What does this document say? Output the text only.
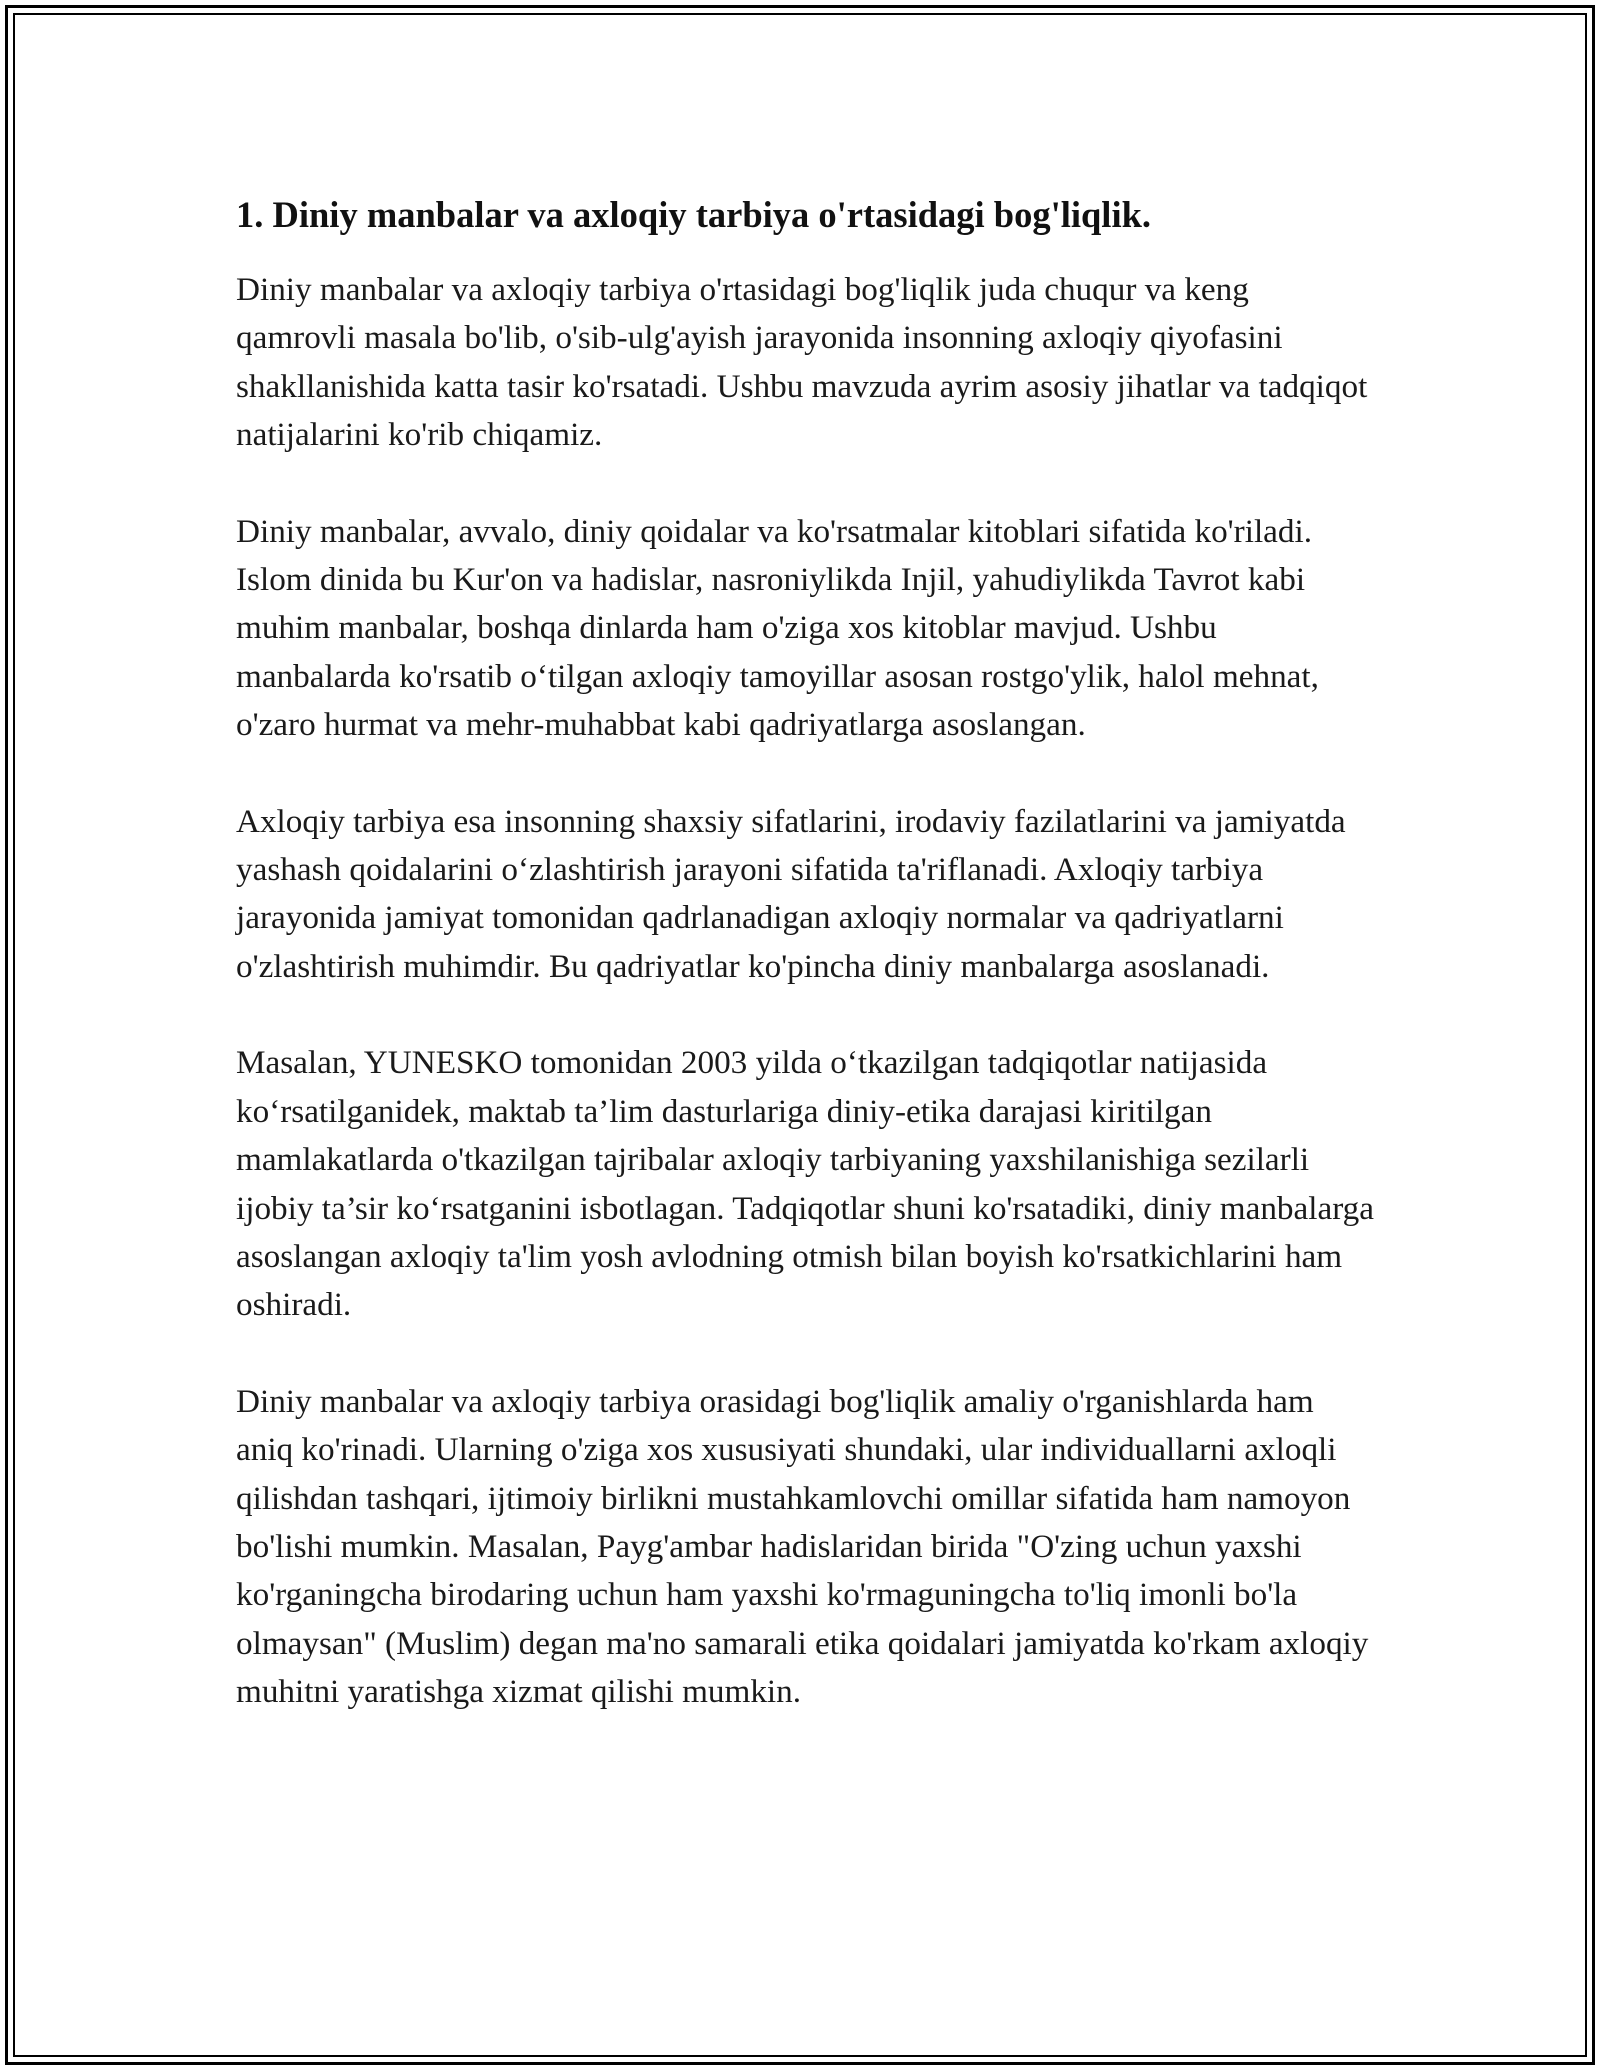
1. Diniy manbalar va axloqiy tarbiya o'rtasidagi bog'liqlik.

Diniy manbalar va axloqiy tarbiya o'rtasidagi bog'liqlik juda chuqur va keng qamrovli masala bo'lib, o'sib-ulg'ayish jarayonida insonning axloqiy qiyofasini shakllanishida katta tasir ko'rsatadi. Ushbu mavzuda ayrim asosiy jihatlar va tadqiqot natijalarini ko'rib chiqamiz.

Diniy manbalar, avvalo, diniy qoidalar va ko'rsatmalar kitoblari sifatida ko'riladi. Islom dinida bu Kur'on va hadislar, nasroniylikda Injil, yahudiylikda Tavrot kabi muhim manbalar, boshqa dinlarda ham o'ziga xos kitoblar mavjud. Ushbu manbalarda ko'rsatib o‘tilgan axloqiy tamoyillar asosan rostgo'ylik, halol mehnat, o'zaro hurmat va mehr-muhabbat kabi qadriyatlarga asoslangan.

Axloqiy tarbiya esa insonning shaxsiy sifatlarini, irodaviy fazilatlarini va jamiyatda yashash qoidalarini o‘zlashtirish jarayoni sifatida ta'riflanadi. Axloqiy tarbiya jarayonida jamiyat tomonidan qadrlanadigan axloqiy normalar va qadriyatlarni o'zlashtirish muhimdir. Bu qadriyatlar ko'pincha diniy manbalarga asoslanadi.

Masalan, YUNESKO tomonidan 2003 yilda o‘tkazilgan tadqiqotlar natijasida ko‘rsatilganidek, maktab ta’lim dasturlariga diniy-etika darajasi kiritilgan mamlakatlarda o'tkazilgan tajribalar axloqiy tarbiyaning yaxshilanishiga sezilarli ijobiy ta’sir ko‘rsatganini isbotlagan. Tadqiqotlar shuni ko'rsatadiki, diniy manbalarga asoslangan axloqiy ta'lim yosh avlodning otmish bilan boyish ko'rsatkichlarini ham oshiradi.

Diniy manbalar va axloqiy tarbiya orasidagi bog'liqlik amaliy o'rganishlarda ham aniq ko'rinadi. Ularning o'ziga xos xususiyati shundaki, ular individuallarni axloqli qilishdan tashqari, ijtimoiy birlikni mustahkamlovchi omillar sifatida ham namoyon bo'lishi mumkin. Masalan, Payg'ambar hadislaridan birida "O'zing uchun yaxshi ko'rganingcha birodaring uchun ham yaxshi ko'rmaguningcha to'liq imonli bo'la olmaysan" (Muslim) degan ma'no samarali etika qoidalari jamiyatda ko'rkam axloqiy muhitni yaratishga xizmat qilishi mumkin.
